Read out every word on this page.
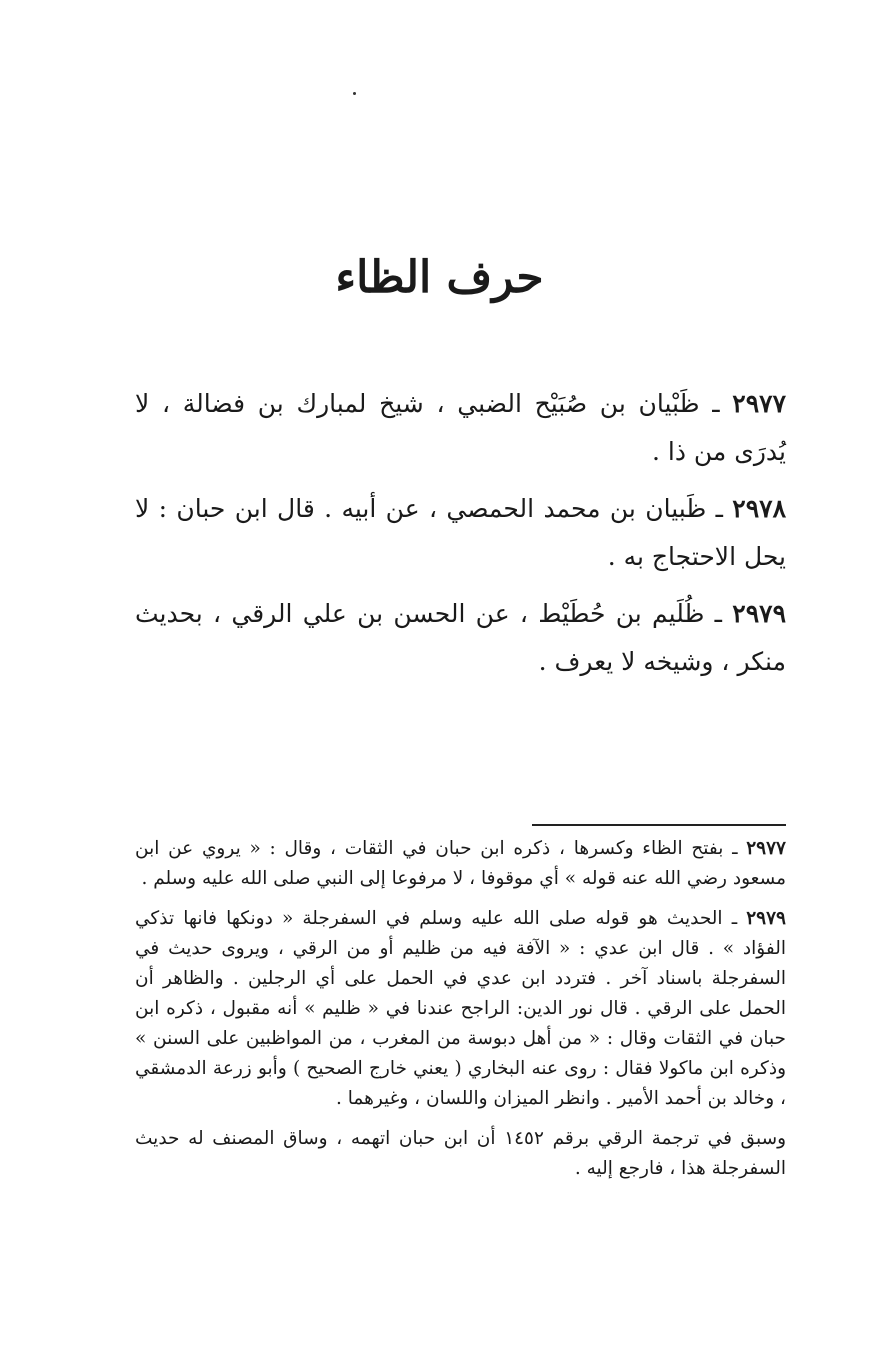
حرف الظاء

٢٩٧٧ ـ ظَبْيان بن صُبَيْح الضبي ، شيخ لمبارك بن فضالة ، لا يُدرَى من ذا .

٢٩٧٨ ـ ظَبيان بن محمد الحمصي ، عن أبيه . قال ابن حبان : لا يحل الاحتجاج به .

٢٩٧٩ ـ ظُلَيم بن حُطَيْط ، عن الحسن بن علي الرقي ، بحديث منكر ، وشيخه لا يعرف .

٢٩٧٧ ـ بفتح الظاء وكسرها ، ذكره ابن حبان في الثقات ، وقال : « يروي عن ابن مسعود رضي الله عنه قوله » أي موقوفا ، لا مرفوعا إلى النبي صلى الله عليه وسلم .

٢٩٧٩ ـ الحديث هو قوله صلى الله عليه وسلم في السفرجلة « دونكها فانها تذكي الفؤاد » . قال ابن عدي : « الآفة فيه من ظليم أو من الرقي ، ويروى حديث في السفرجلة باسناد آخر . فتردد ابن عدي في الحمل على أي الرجلين . والظاهر أن الحمل على الرقي . قال نور الدين: الراجح عندنا في « ظليم » أنه مقبول ، ذكره ابن حبان في الثقات وقال : « من أهل دبوسة من المغرب ، من المواظبين على السنن » وذكره ابن ماكولا فقال : روى عنه البخاري ( يعني خارج الصحيح ) وأبو زرعة الدمشقي ، وخالد بن أحمد الأمير . وانظر الميزان واللسان ، وغيرهما .

وسبق في ترجمة الرقي برقم ١٤٥٢ أن ابن حبان اتهمه ، وساق المصنف له حديث السفرجلة هذا ، فارجع إليه .
